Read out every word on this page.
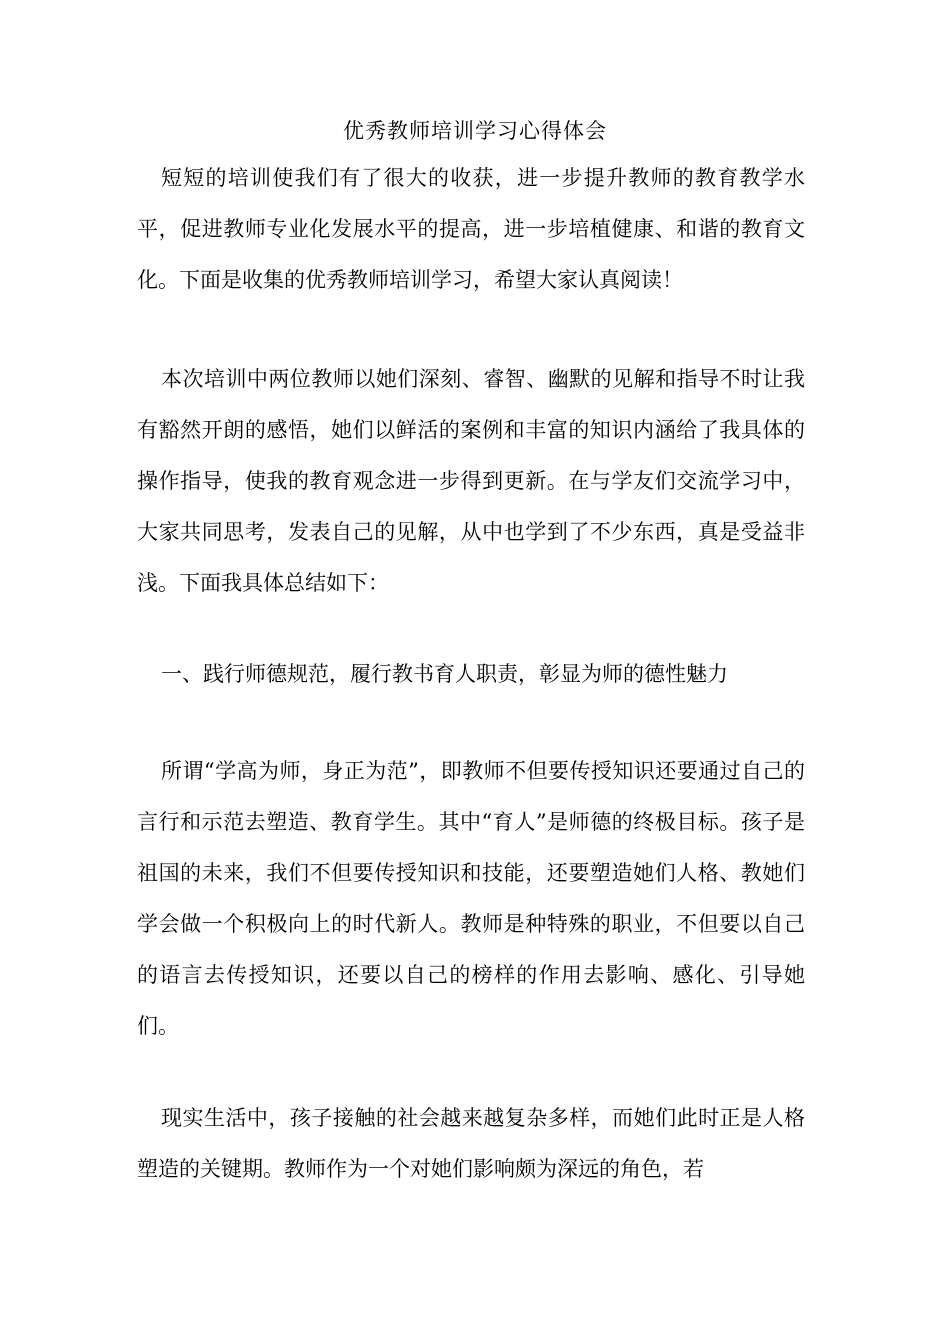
优秀教师培训学习心得体会

短短的培训使我们有了很大的收获，进一步提升教师的教育教学水平，促进教师专业化发展水平的提高，进一步培植健康、和谐的教育文化。下面是收集的优秀教师培训学习，希望大家认真阅读！

本次培训中两位教师以她们深刻、睿智、幽默的见解和指导不时让我有豁然开朗的感悟，她们以鲜活的案例和丰富的知识内涵给了我具体的操作指导，使我的教育观念进一步得到更新。在与学友们交流学习中，大家共同思考，发表自己的见解，从中也学到了不少东西，真是受益非浅。下面我具体总结如下：

一、践行师德规范，履行教书育人职责，彰显为师的德性魅力

所谓“学高为师，身正为范”，即教师不但要传授知识还要通过自己的言行和示范去塑造、教育学生。其中“育人”是师德的终极目标。孩子是祖国的未来，我们不但要传授知识和技能，还要塑造她们人格、教她们学会做一个积极向上的时代新人。教师是种特殊的职业，不但要以自己的语言去传授知识，还要以自己的榜样的作用去影响、感化、引导她们。

现实生活中，孩子接触的社会越来越复杂多样，而她们此时正是人格塑造的关键期。教师作为一个对她们影响颇为深远的角色，若
